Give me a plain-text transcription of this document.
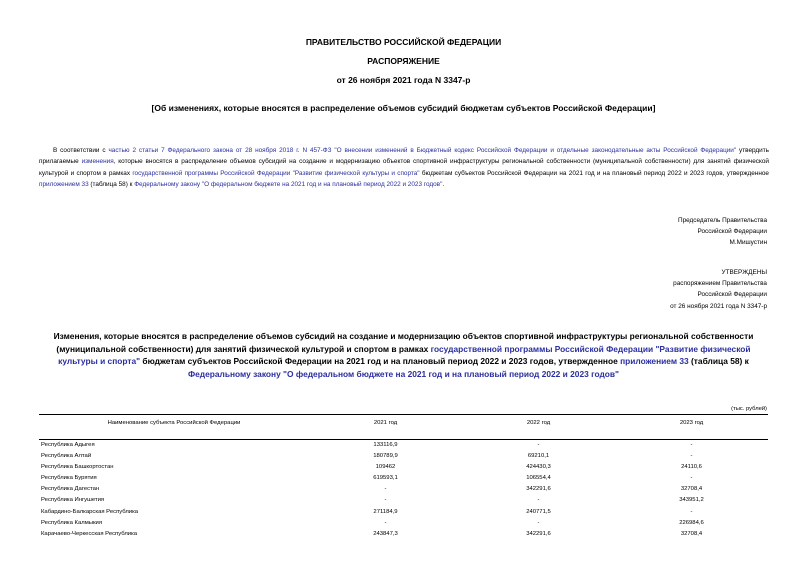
ПРАВИТЕЛЬСТВО РОССИЙСКОЙ ФЕДЕРАЦИИ
РАСПОРЯЖЕНИЕ
от 26 ноября 2021 года N 3347-р
[Об изменениях, которые вносятся в распределение объемов субсидий бюджетам субъектов Российской Федерации]
В соответствии с частью 2 статьи 7 Федерального закона от 28 ноября 2018 г. N 457-ФЗ "О внесении изменений в Бюджетный кодекс Российской Федерации и отдельные законодательные акты Российской Федерации" утвердить прилагаемые изменения, которые вносятся в распределение объемов субсидий на создание и модернизацию объектов спортивной инфраструктуры региональной собственности (муниципальной собственности) для занятий физической культурой и спортом в рамках государственной программы Российской Федерации "Развитие физической культуры и спорта" бюджетам субъектов Российской Федерации на 2021 год и на плановый период 2022 и 2023 годов, утвержденное приложением 33 (таблица 58) к Федеральному закону "О федеральном бюджете на 2021 год и на плановый период 2022 и 2023 годов".
Председатель Правительства
Российской Федерации
М.Мишустин
УТВЕРЖДЕНЫ
распоряжением Правительства
Российской Федерации
от 26 ноября 2021 года N 3347-р
Изменения, которые вносятся в распределение объемов субсидий на создание и модернизацию объектов спортивной инфраструктуры региональной собственности (муниципальной собственности) для занятий физической культурой и спортом в рамках государственной программы Российской Федерации "Развитие физической культуры и спорта" бюджетам субъектов Российской Федерации на 2021 год и на плановый период 2022 и 2023 годов, утвержденное приложением 33 (таблица 58) к Федеральному закону "О федеральном бюджете на 2021 год и на плановый период 2022 и 2023 годов"
(тыс. рублей)
Наименование субъекта Российской Федерации	2021 год	2022 год	2023 год
Республика Адыгея	133116,9	-	-
Республика Алтай	180789,9	69210,1	-
Республика Башкортостан	109462	424430,3	24110,6
Республика Бурятия	619593,1	106554,4	-
Республика Дагестан	-	342291,6	32708,4
Республика Ингушетия	-	-	343951,2
Кабардино-Балкарская Республика	271184,9	240771,5	-
Республика Калмыкия	-	-	226984,6
Карачаево-Черкесская Республика	243847,3	342291,6	32708,4
